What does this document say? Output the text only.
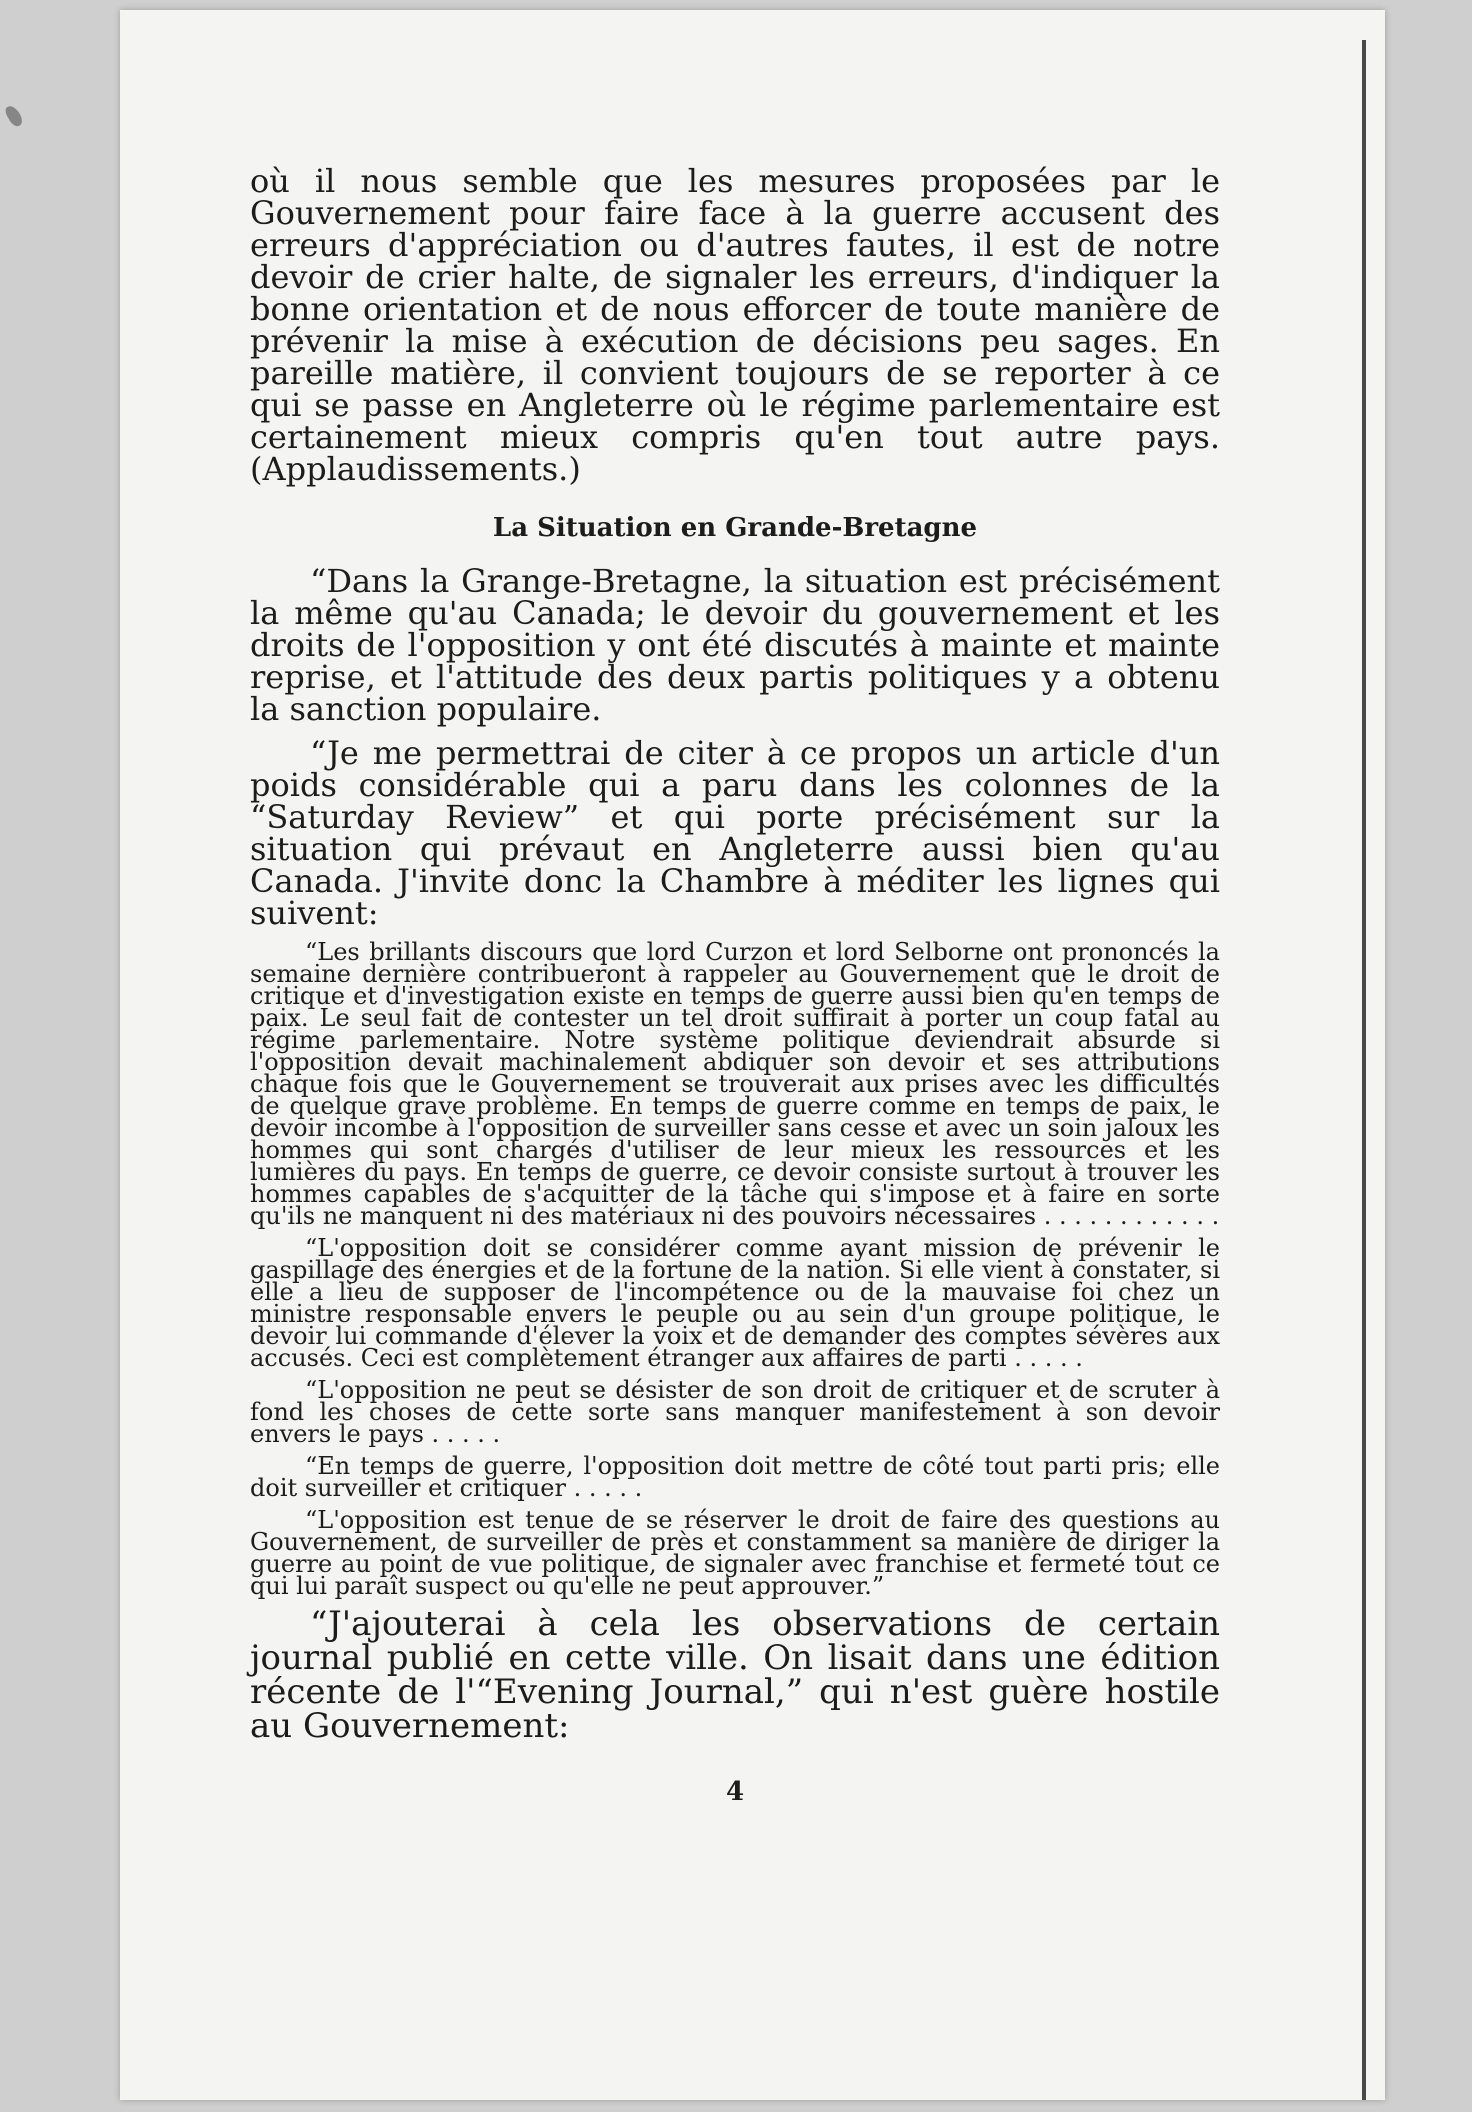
où il nous semble que les mesures proposées par le Gouvernement pour faire face à la guerre accusent des erreurs d'appréciation ou d'autres fautes, il est de notre devoir de crier halte, de signaler les erreurs, d'indiquer la bonne orientation et de nous efforcer de toute manière de prévenir la mise à exécution de décisions peu sages. En pareille matière, il convient toujours de se reporter à ce qui se passe en Angleterre où le régime parlementaire est certainement mieux compris qu'en tout autre pays. (Applaudissements.)

La Situation en Grande-Bretagne

“Dans la Grange-Bretagne, la situation est précisément la même qu'au Canada; le devoir du gouvernement et les droits de l'opposition y ont été discutés à mainte et mainte reprise, et l'attitude des deux partis politiques y a obtenu la sanction populaire.

“Je me permettrai de citer à ce propos un article d'un poids considérable qui a paru dans les colonnes de la “Saturday Review” et qui porte précisément sur la situation qui prévaut en Angleterre aussi bien qu'au Canada. J'invite donc la Chambre à méditer les lignes qui suivent:

“Les brillants discours que lord Curzon et lord Selborne ont prononcés la semaine dernière contribueront à rappeler au Gouvernement que le droit de critique et d'investigation existe en temps de guerre aussi bien qu'en temps de paix. Le seul fait de contester un tel droit suffirait à porter un coup fatal au régime parlementaire. Notre système politique deviendrait absurde si l'opposition devait machinalement abdiquer son devoir et ses attributions chaque fois que le Gouvernement se trouverait aux prises avec les difficultés de quelque grave problème. En temps de guerre comme en temps de paix, le devoir incombe à l'opposition de surveiller sans cesse et avec un soin jaloux les hommes qui sont chargés d'utiliser de leur mieux les ressources et les lumières du pays. En temps de guerre, ce devoir consiste surtout à trouver les hommes capables de s'acquitter de la tâche qui s'impose et à faire en sorte qu'ils ne manquent ni des matériaux ni des pouvoirs nécessaires . . . . . . . . . . . .

“L'opposition doit se considérer comme ayant mission de prévenir le gaspillage des énergies et de la fortune de la nation. Si elle vient à constater, si elle a lieu de supposer de l'incompétence ou de la mauvaise foi chez un ministre responsable envers le peuple ou au sein d'un groupe politique, le devoir lui commande d'élever la voix et de demander des comptes sévères aux accusés. Ceci est complètement étranger aux affaires de parti . . . . .

“L'opposition ne peut se désister de son droit de critiquer et de scruter à fond les choses de cette sorte sans manquer manifestement à son devoir envers le pays . . . . .

“En temps de guerre, l'opposition doit mettre de côté tout parti pris; elle doit surveiller et critiquer . . . . .

“L'opposition est tenue de se réserver le droit de faire des questions au Gouvernement, de surveiller de près et constamment sa manière de diriger la guerre au point de vue politique, de signaler avec franchise et fermeté tout ce qui lui paraît suspect ou qu'elle ne peut approuver.”

“J'ajouterai à cela les observations de certain journal publié en cette ville. On lisait dans une édition récente de l'“Evening Journal,” qui n'est guère hostile au Gouvernement:

4
